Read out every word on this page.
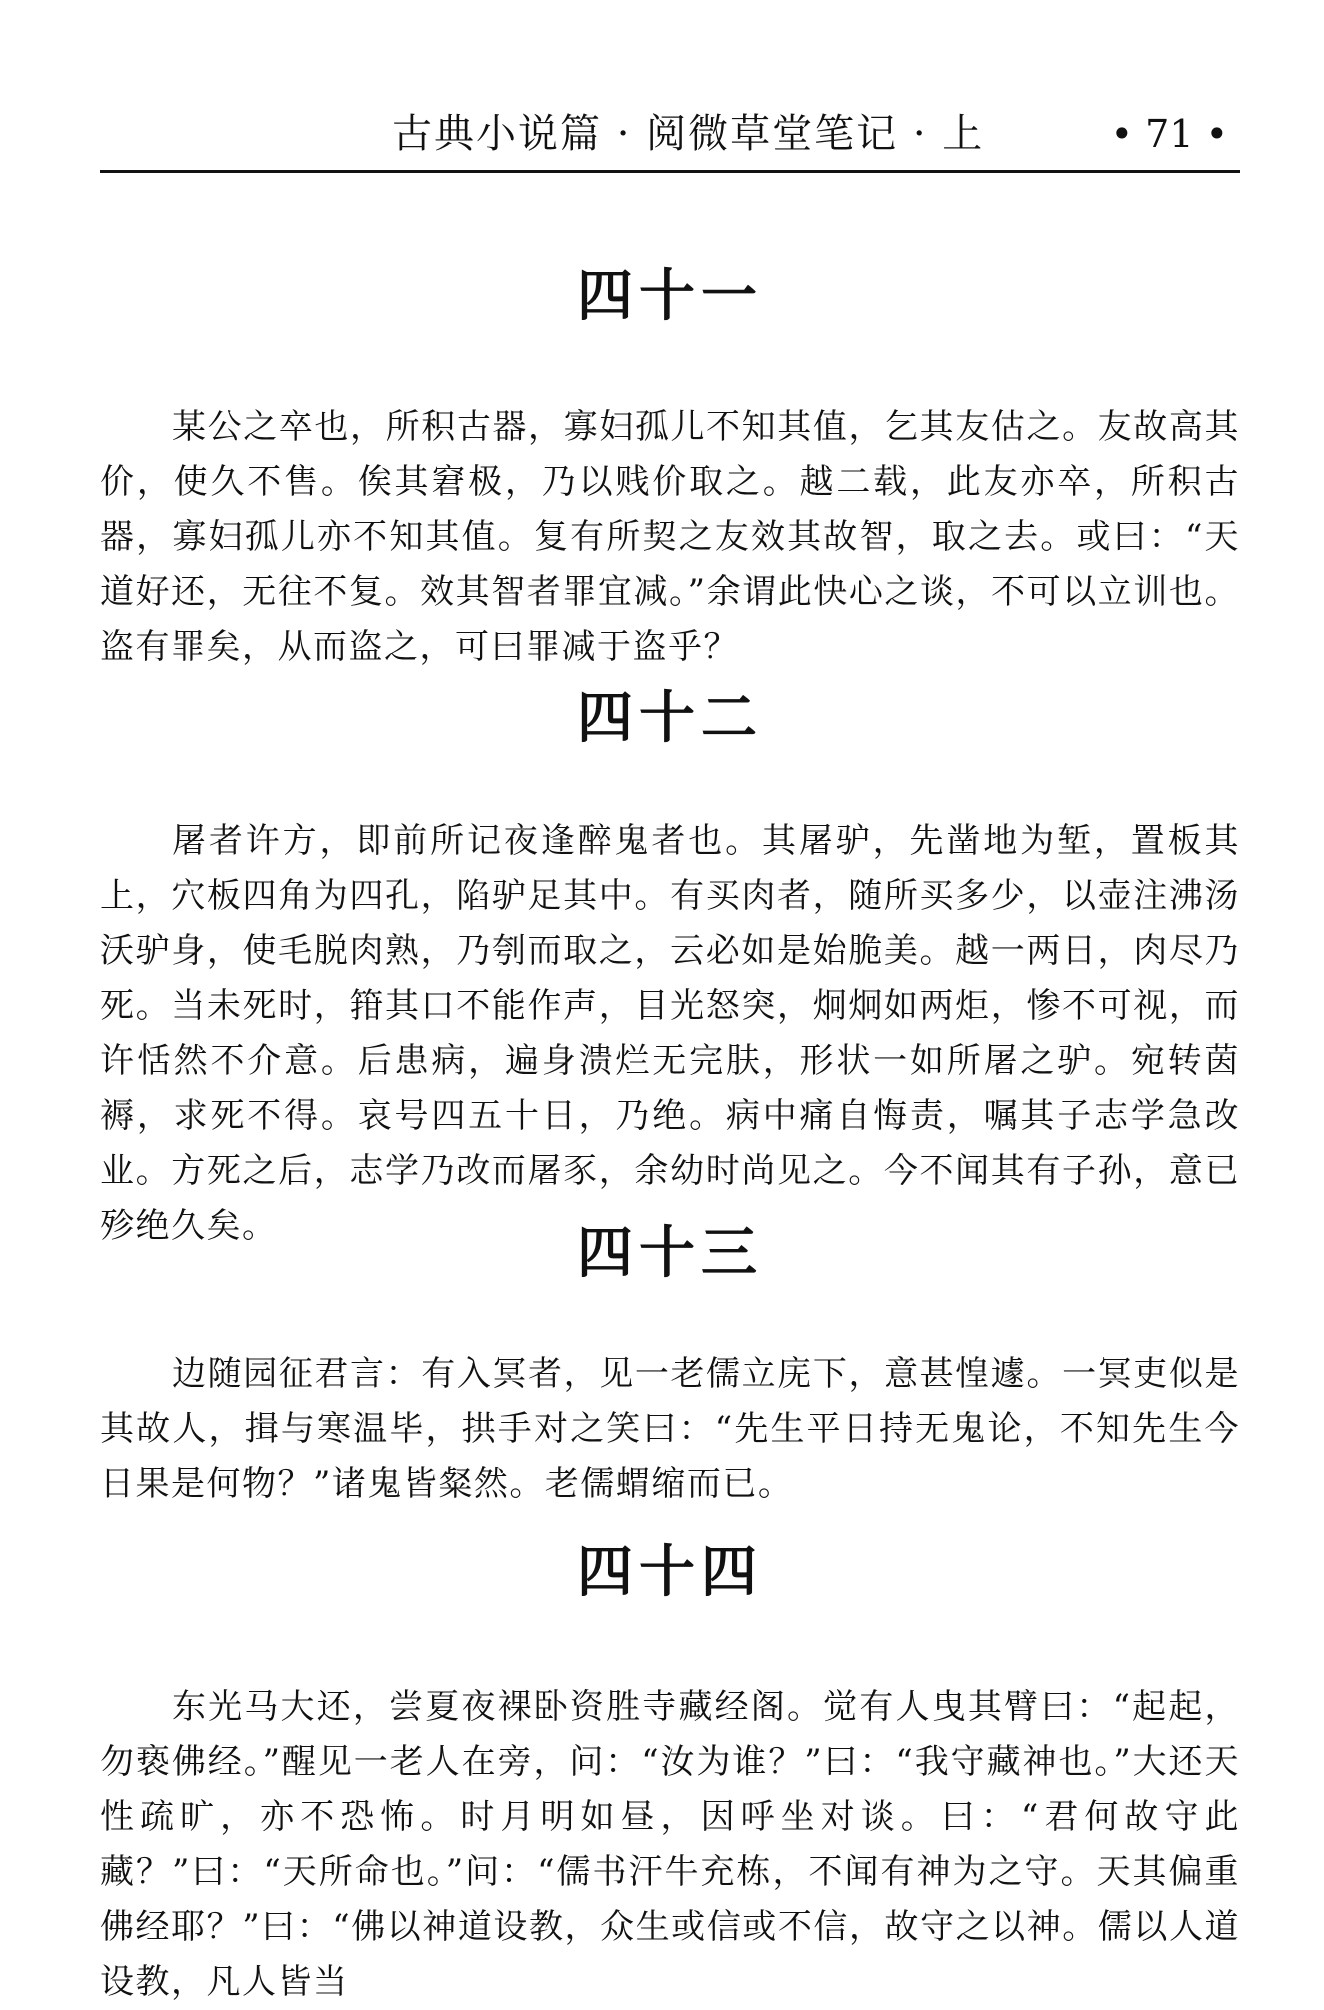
古典小说篇 · 阅微草堂笔记 · 上	• 71 •
四十一

某公之卒也，所积古器，寡妇孤儿不知其值，乞其友估之。友故高其价，使久不售。俟其窘极，乃以贱价取之。越二载，此友亦卒，所积古器，寡妇孤儿亦不知其值。复有所契之友效其故智，取之去。或曰：“天道好还，无往不复。效其智者罪宜减。”余谓此快心之谈，不可以立训也。盗有罪矣，从而盗之，可曰罪减于盗乎？

四十二

屠者许方，即前所记夜逢醉鬼者也。其屠驴，先凿地为堑，置板其上，穴板四角为四孔，陷驴足其中。有买肉者，随所买多少，以壶注沸汤沃驴身，使毛脱肉熟，乃刳而取之，云必如是始脆美。越一两日，肉尽乃死。当未死时，箝其口不能作声，目光怒突，炯炯如两炬，惨不可视，而许恬然不介意。后患病，遍身溃烂无完肤，形状一如所屠之驴。宛转茵褥，求死不得。哀号四五十日，乃绝。病中痛自悔责，嘱其子志学急改业。方死之后，志学乃改而屠豕，余幼时尚见之。今不闻其有子孙，意已殄绝久矣。	四十三

边随园征君言：有入冥者，见一老儒立庑下，意甚惶遽。一冥吏似是其故人，揖与寒温毕，拱手对之笑曰：“先生平日持无鬼论，不知先生今日果是何物？”诸鬼皆粲然。老儒蝟缩而已。

四十四

东光马大还，尝夏夜裸卧资胜寺藏经阁。觉有人曳其臂曰：“起起，勿亵佛经。”醒见一老人在旁，问：“汝为谁？”曰：“我守藏神也。”大还天性疏旷，亦不恐怖。时月明如昼，因呼坐对谈。曰：“君何故守此藏？”曰：“天所命也。”问：“儒书汗牛充栋，不闻有神为之守。天其偏重佛经耶？”曰：“佛以神道设教，众生或信或不信，故守之以神。儒以人道设教，凡人皆当
